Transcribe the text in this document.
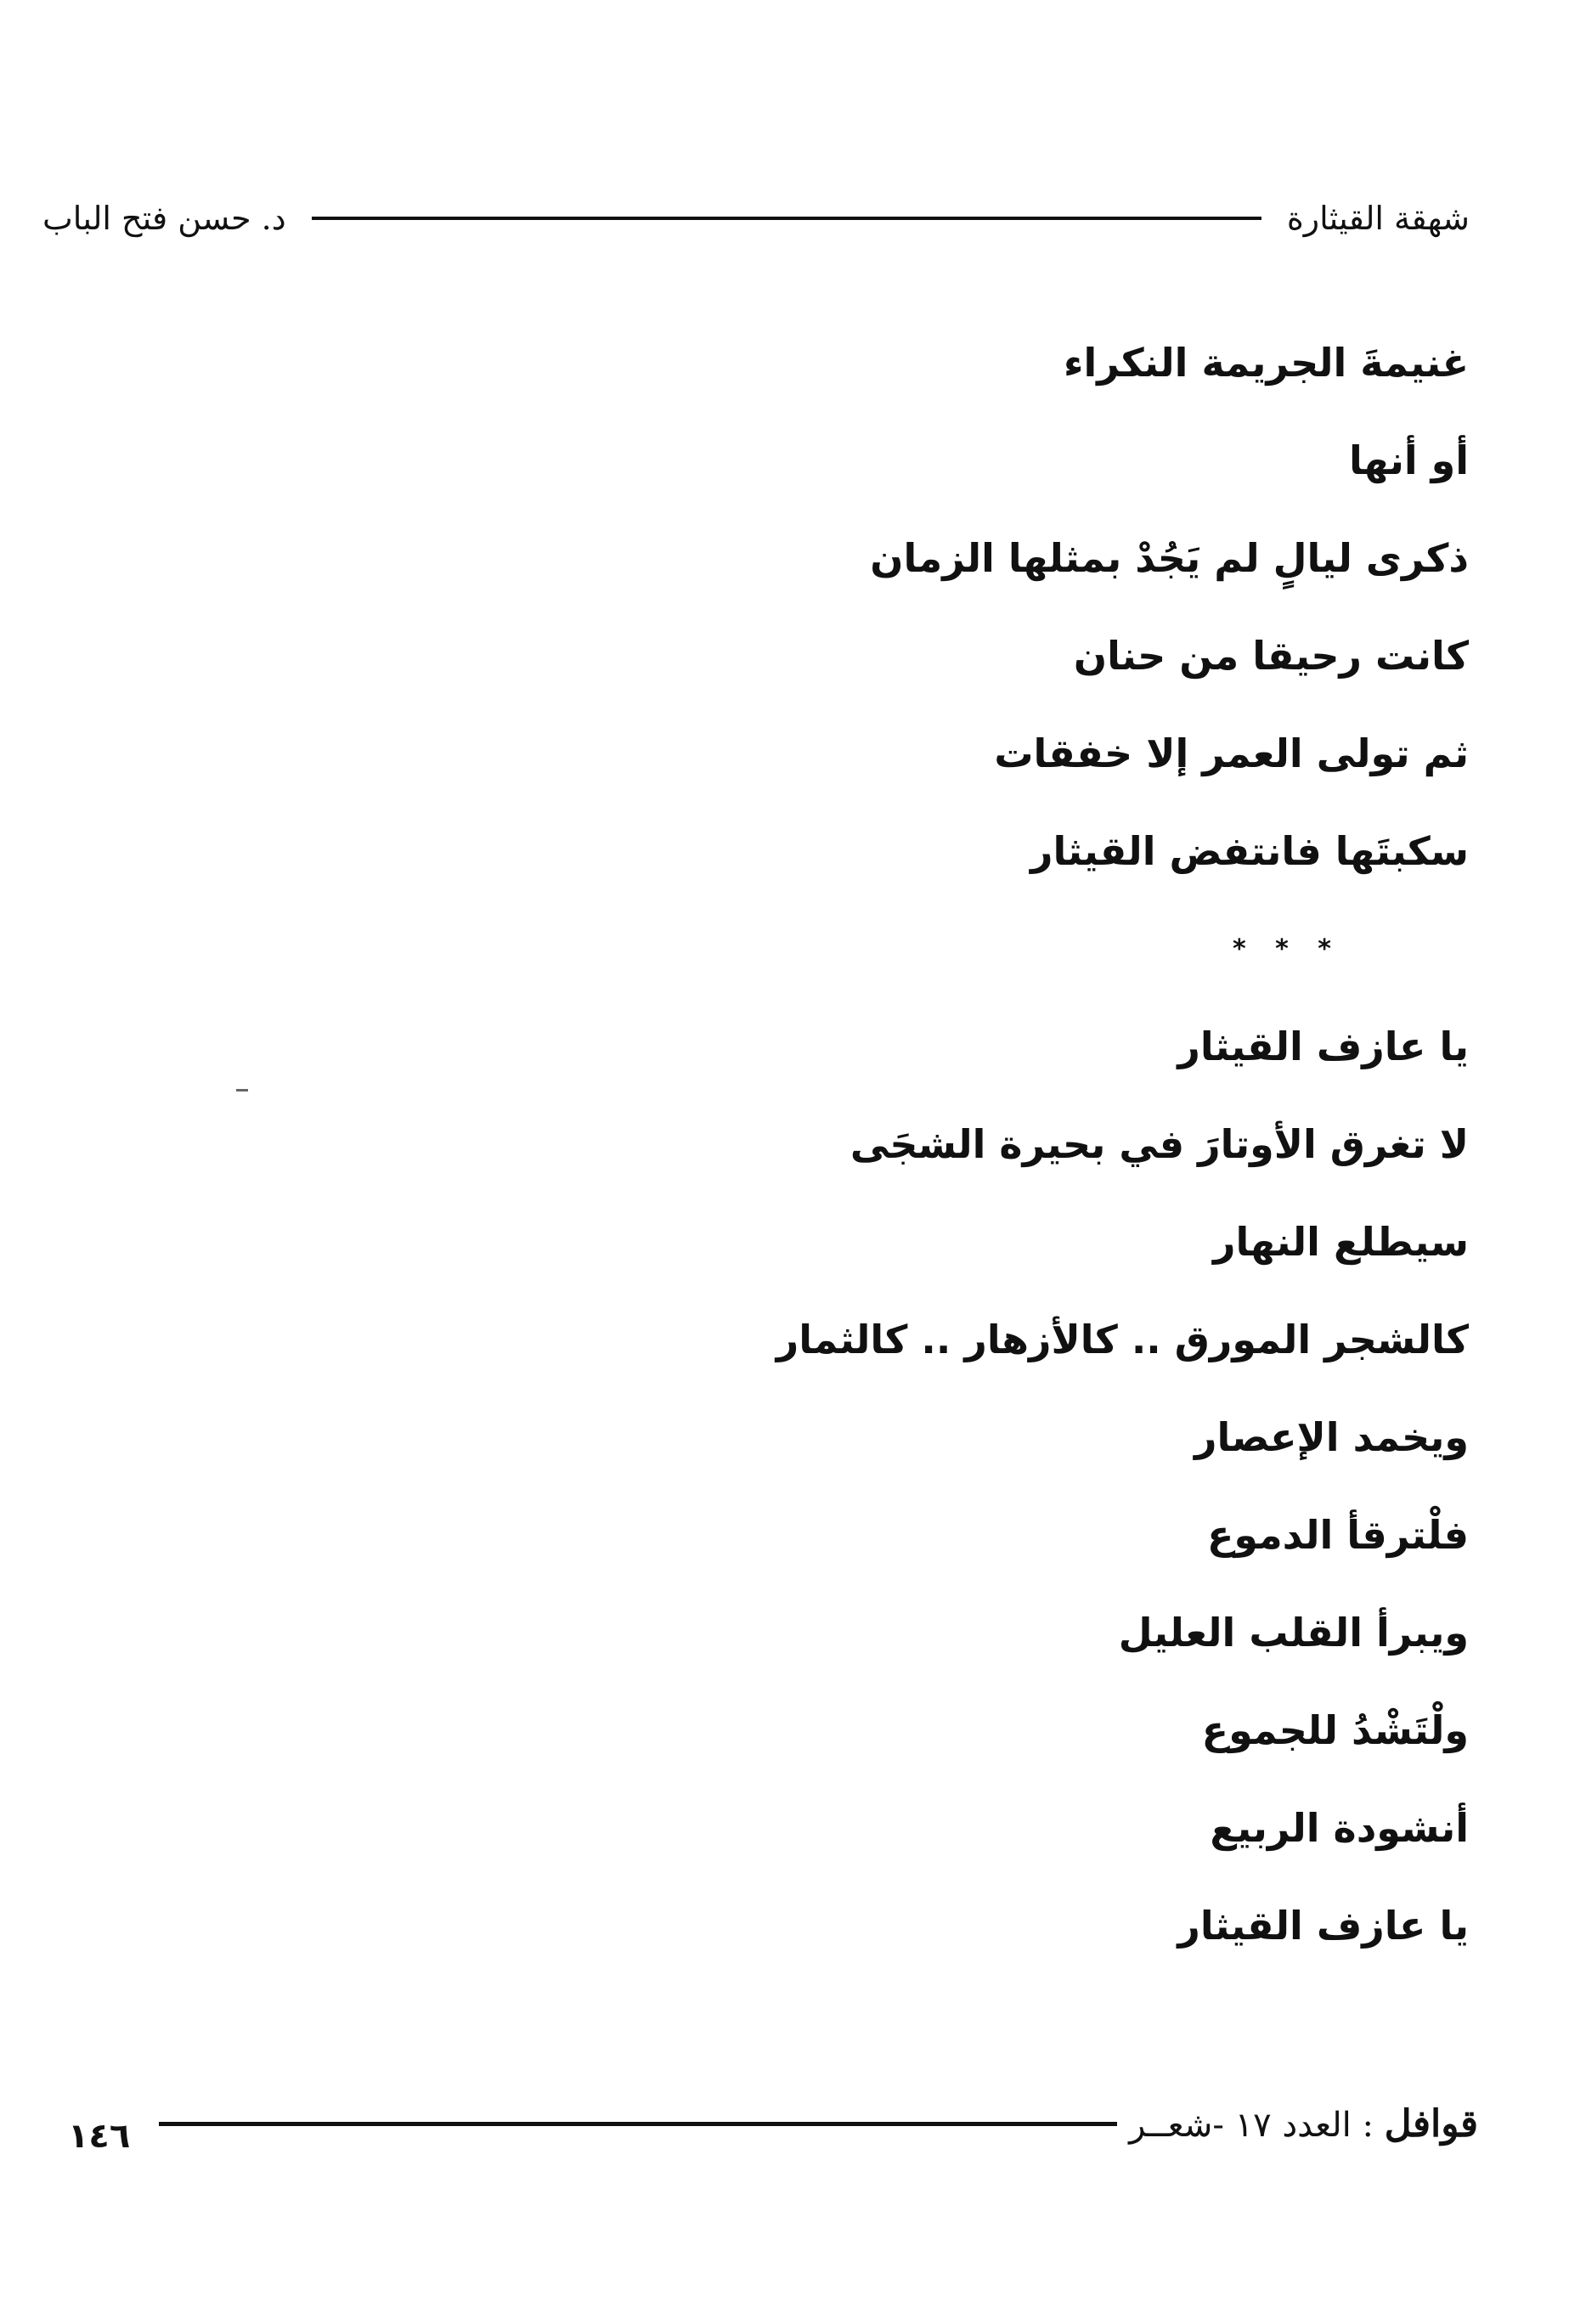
شهقة القيثارة
د. حسن فتح الباب
غنيمةَ الجريمة النكراء
أو أنها
ذكرى ليالٍ لم يَجُدْ بمثلها الزمان
كانت رحيقا من حنان
ثم تولى العمر إلا خفقات
سكبتَها فانتفض القيثار
* * *
يا عازف القيثار
لا تغرق الأوتارَ في بحيرة الشجَى
سيطلع النهار
كالشجر المورق .. كالأزهار .. كالثمار
ويخمد الإعصار
فلْترقأ الدموع
ويبرأ القلب العليل
ولْتَشْدُ للجموع
أنشودة الربيع
يا عازف القيثار
قوافل : العدد ١٧ -شعــر
١٤٦
